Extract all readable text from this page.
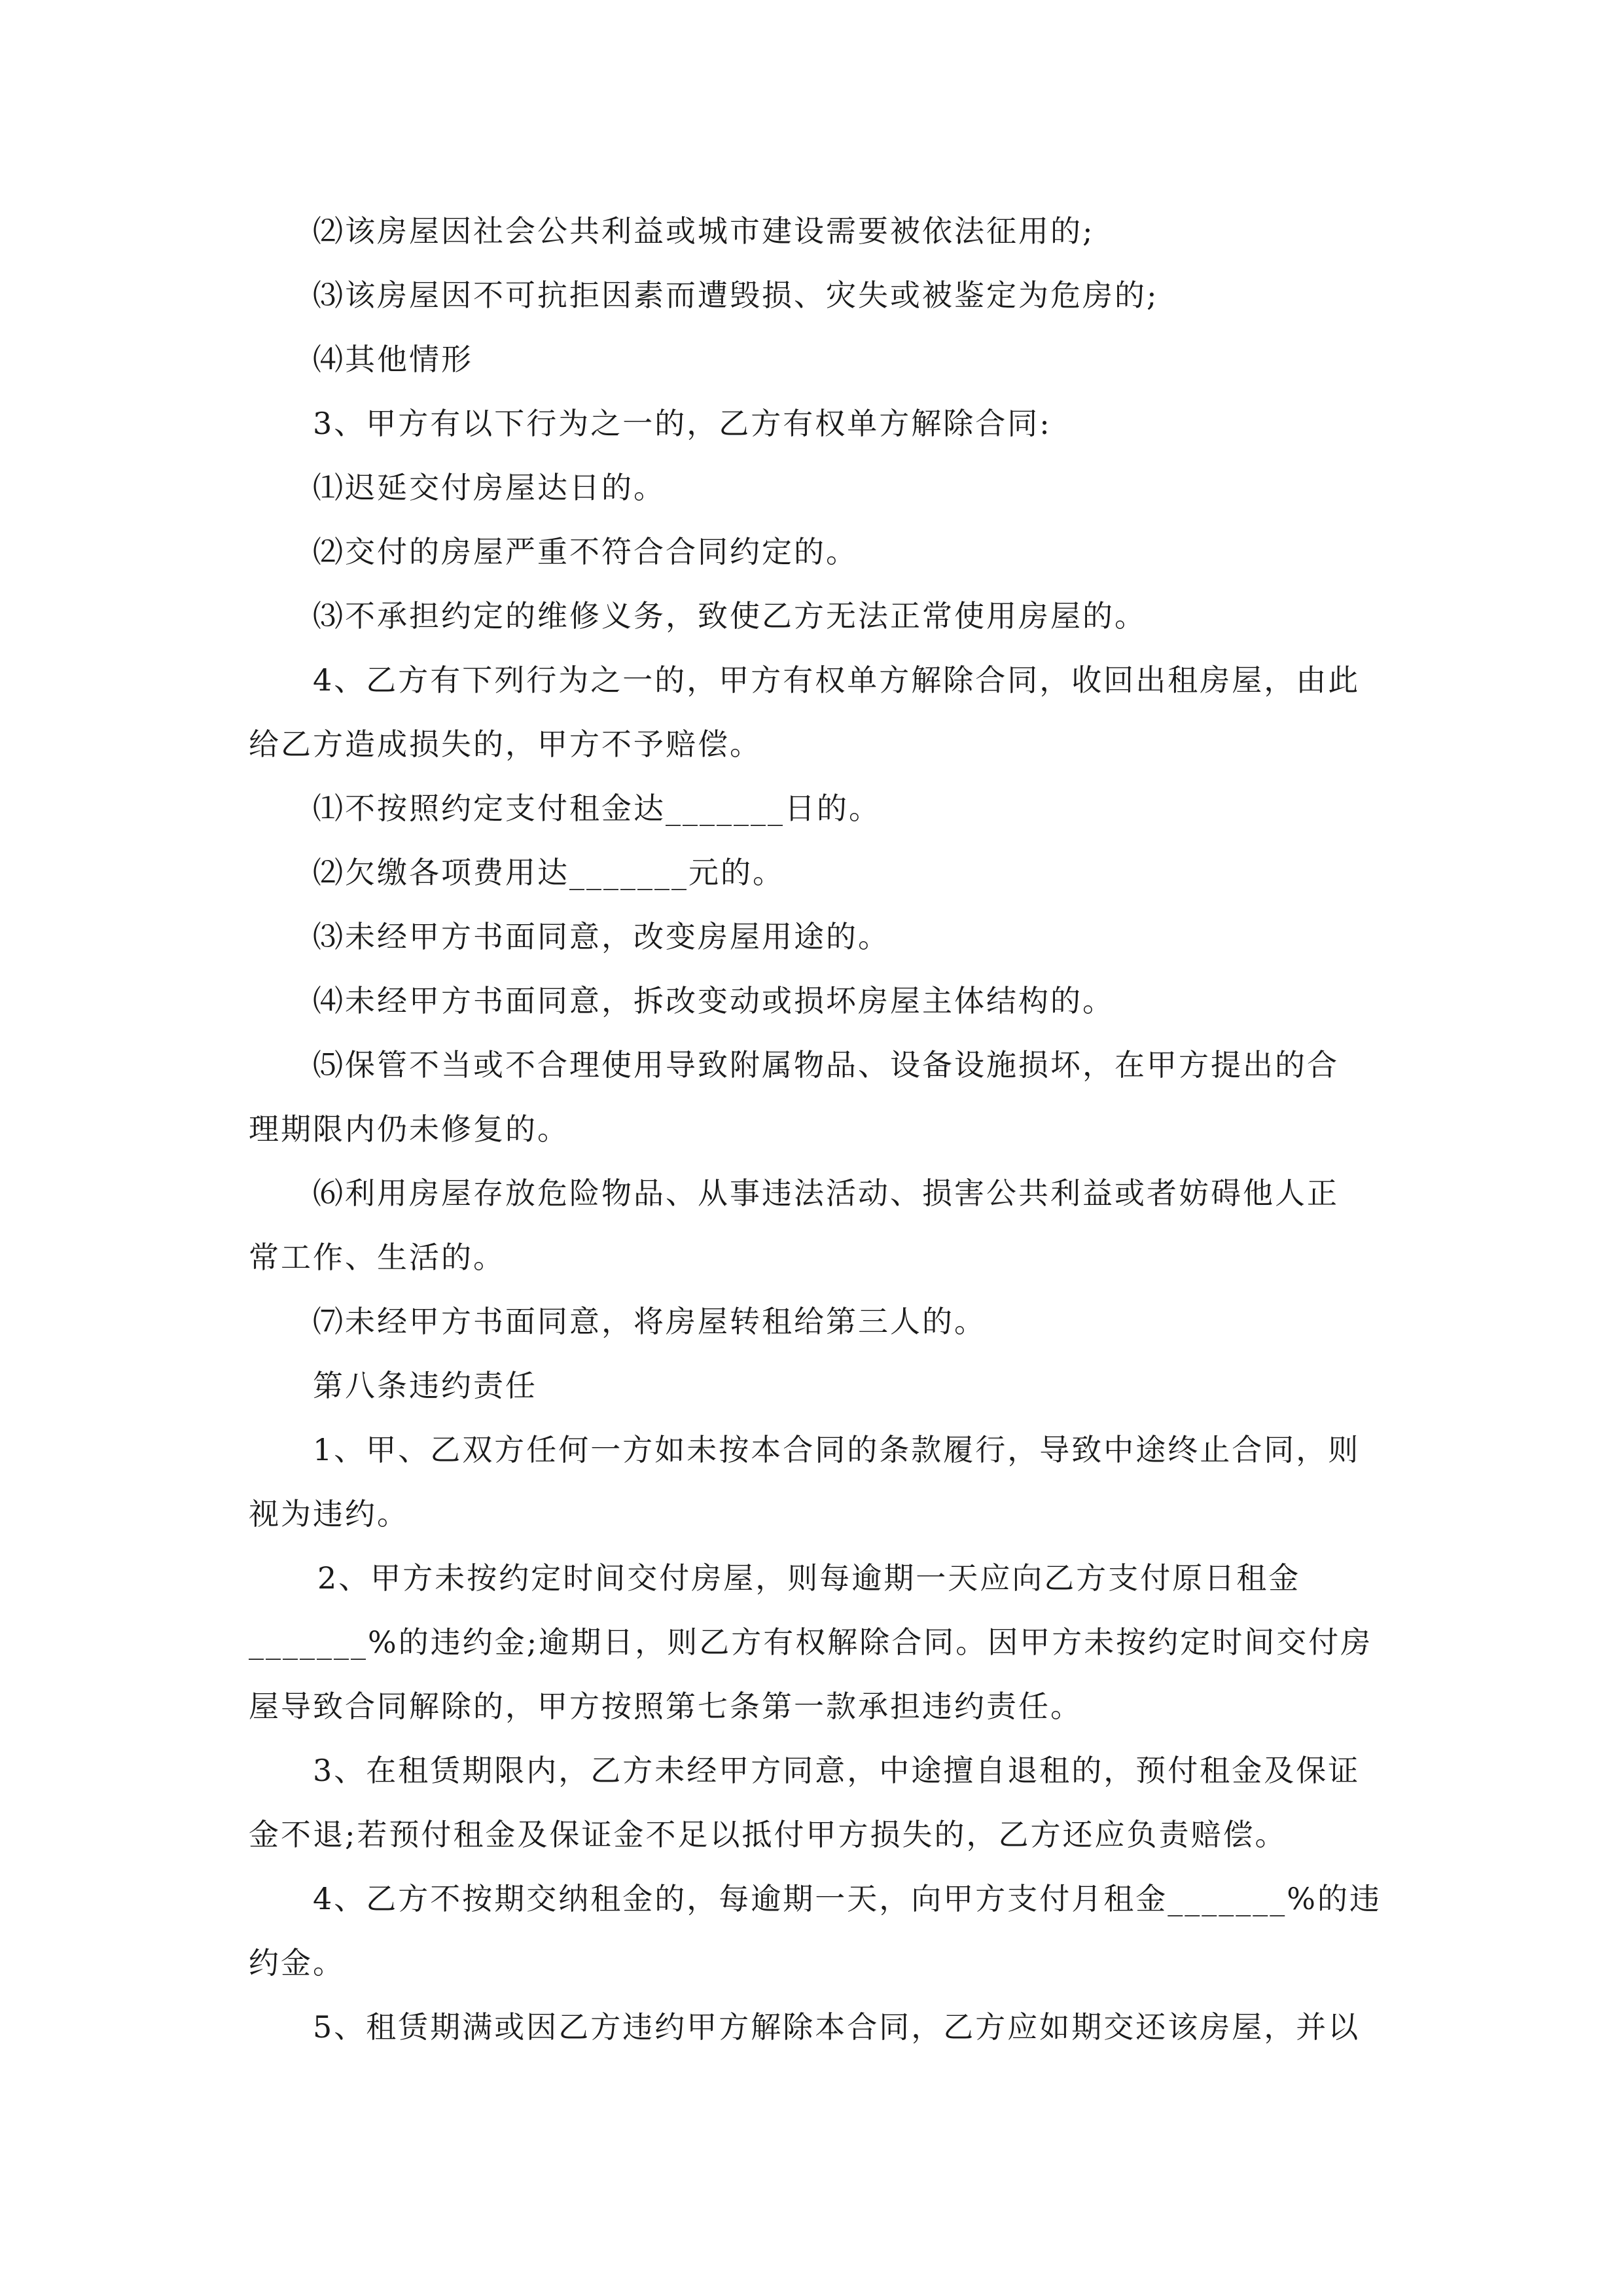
⑵该房屋因社会公共利益或城市建设需要被依法征用的;
⑶该房屋因不可抗拒因素而遭毁损、灾失或被鉴定为危房的;
⑷其他情形
3、甲方有以下行为之一的，乙方有权单方解除合同:
⑴迟延交付房屋达日的。
⑵交付的房屋严重不符合合同约定的。
⑶不承担约定的维修义务，致使乙方无法正常使用房屋的。
4、乙方有下列行为之一的，甲方有权单方解除合同，收回出租房屋，由此
给乙方造成损失的，甲方不予赔偿。
⑴不按照约定支付租金达_______日的。
⑵欠缴各项费用达_______元的。
⑶未经甲方书面同意，改变房屋用途的。
⑷未经甲方书面同意，拆改变动或损坏房屋主体结构的。
⑸保管不当或不合理使用导致附属物品、设备设施损坏，在甲方提出的合
理期限内仍未修复的。
⑹利用房屋存放危险物品、从事违法活动、损害公共利益或者妨碍他人正
常工作、生活的。
⑺未经甲方书面同意，将房屋转租给第三人的。
第八条违约责任
1、甲、乙双方任何一方如未按本合同的条款履行，导致中途终止合同，则
视为违约。
2、甲方未按约定时间交付房屋，则每逾期一天应向乙方支付原日租金
_______%的违约金;逾期日，则乙方有权解除合同。因甲方未按约定时间交付房
屋导致合同解除的，甲方按照第七条第一款承担违约责任。
3、在租赁期限内，乙方未经甲方同意，中途擅自退租的，预付租金及保证
金不退;若预付租金及保证金不足以抵付甲方损失的，乙方还应负责赔偿。
4、乙方不按期交纳租金的，每逾期一天，向甲方支付月租金_______%的违
约金。
5、租赁期满或因乙方违约甲方解除本合同，乙方应如期交还该房屋，并以
